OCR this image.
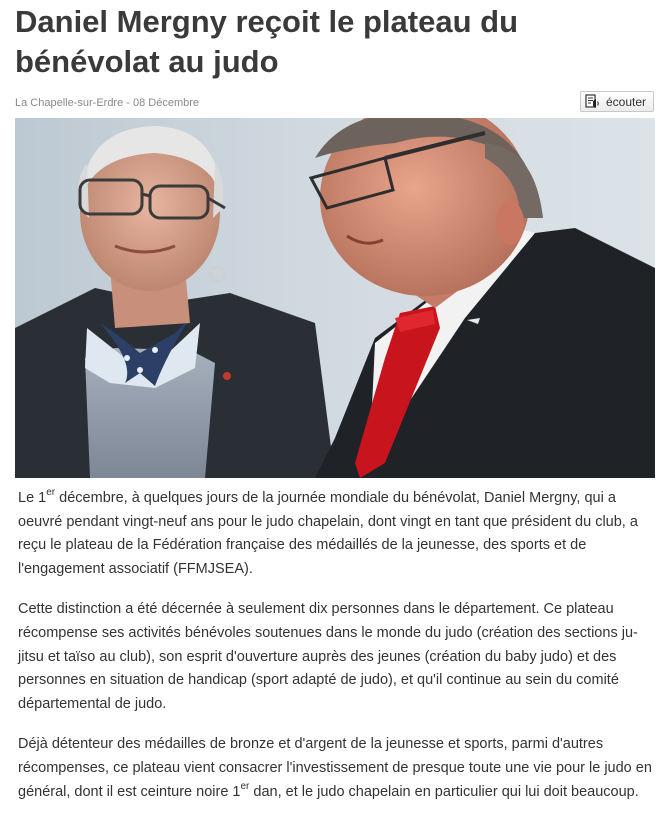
Daniel Mergny reçoit le plateau du bénévolat au judo
La Chapelle-sur-Erdre - 08 Décembre	écouter

Le 1er décembre, à quelques jours de la journée mondiale du bénévolat, Daniel Mergny, qui a oeuvré pendant vingt-neuf ans pour le judo chapelain, dont vingt en tant que président du club, a reçu le plateau de la Fédération française des médaillés de la jeunesse, des sports et de l'engagement associatif (FFMJSEA).

Cette distinction a été décernée à seulement dix personnes dans le département. Ce plateau récompense ses activités bénévoles soutenues dans le monde du judo (création des sections ju-jitsu et taïso au club), son esprit d'ouverture auprès des jeunes (création du baby judo) et des personnes en situation de handicap (sport adapté de judo), et qu'il continue au sein du comité départemental de judo.

Déjà détenteur des médailles de bronze et d'argent de la jeunesse et sports, parmi d'autres récompenses, ce plateau vient consacrer l'investissement de presque toute une vie pour le judo en général, dont il est ceinture noire 1er dan, et le judo chapelain en particulier qui lui doit beaucoup.
